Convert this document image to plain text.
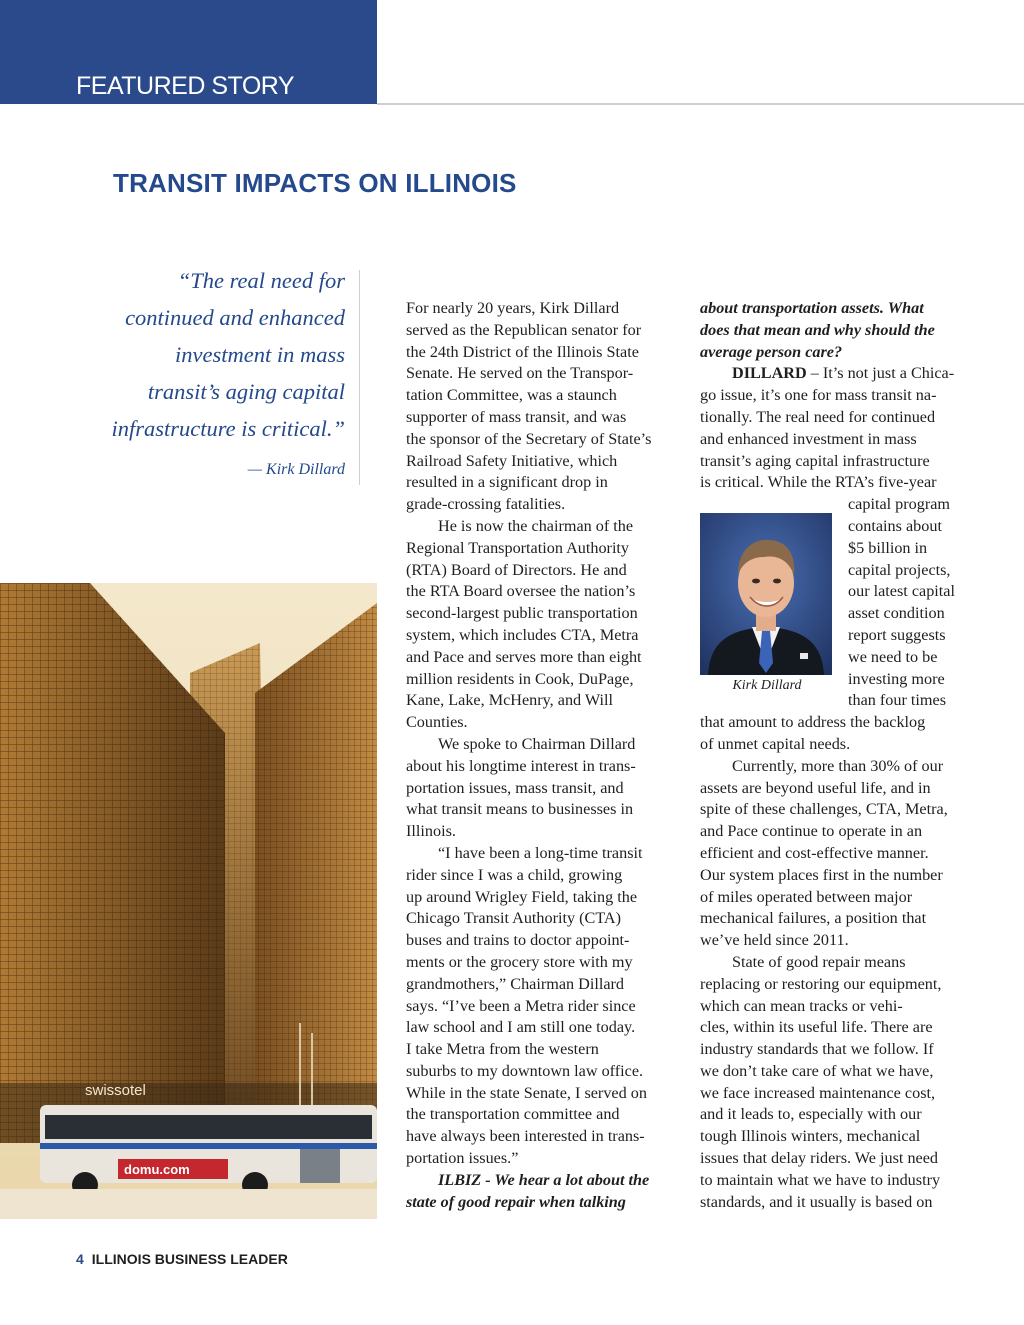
FEATURED STORY
TRANSIT IMPACTS ON ILLINOIS
“The real need for
continued and enhanced
investment in mass
transit’s aging capital
infrastructure is critical.”
— Kirk Dillard
swissotel
domu.com

For nearly 20 years, Kirk Dillard
served as the Republican senator for
the 24th District of the Illinois State
Senate. He served on the Transpor-
tation Committee, was a staunch
supporter of mass transit, and was
the sponsor of the Secretary of State’s
Railroad Safety Initiative, which
resulted in a significant drop in
grade-crossing fatalities.

He is now the chairman of the
Regional Transportation Authority
(RTA) Board of Directors. He and
the RTA Board oversee the nation’s
second-largest public transportation
system, which includes CTA, Metra
and Pace and serves more than eight
million residents in Cook, DuPage,
Kane, Lake, McHenry, and Will
Counties.

We spoke to Chairman Dillard
about his longtime interest in trans-
portation issues, mass transit, and
what transit means to businesses in
Illinois.

“I have been a long-time transit
rider since I was a child, growing
up around Wrigley Field, taking the
Chicago Transit Authority (CTA)
buses and trains to doctor appoint-
ments or the grocery store with my
grandmothers,” Chairman Dillard
says. “I’ve been a Metra rider since
law school and I am still one today.
I take Metra from the western
suburbs to my downtown law office.
While in the state Senate, I served on
the transportation committee and
have always been interested in trans-
portation issues.”

ILBIZ - We hear a lot about the
state of good repair when talking

about transportation assets. What
does that mean and why should the
average person care?

DILLARD – It’s not just a Chica-
go issue, it’s one for mass transit na-
tionally. The real need for continued
and enhanced investment in mass
transit’s aging capital infrastructure
is critical. While the RTA’s five-year
capital program
contains about
$5 billion in
capital projects,
our latest capital
asset condition
report suggests
we need to be
investing more
than four times
that amount to address the backlog
of unmet capital needs.

Currently, more than 30% of our
assets are beyond useful life, and in
spite of these challenges, CTA, Metra,
and Pace continue to operate in an
efficient and cost-effective manner.
Our system places first in the number
of miles operated between major
mechanical failures, a position that
we’ve held since 2011.

State of good repair means
replacing or restoring our equipment,
which can mean tracks or vehi-
cles, within its useful life. There are
industry standards that we follow. If
we don’t take care of what we have,
we face increased maintenance cost,
and it leads to, especially with our
tough Illinois winters, mechanical
issues that delay riders. We just need
to maintain what we have to industry
standards, and it usually is based on

Kirk Dillard
4 ILLINOIS BUSINESS LEADER
